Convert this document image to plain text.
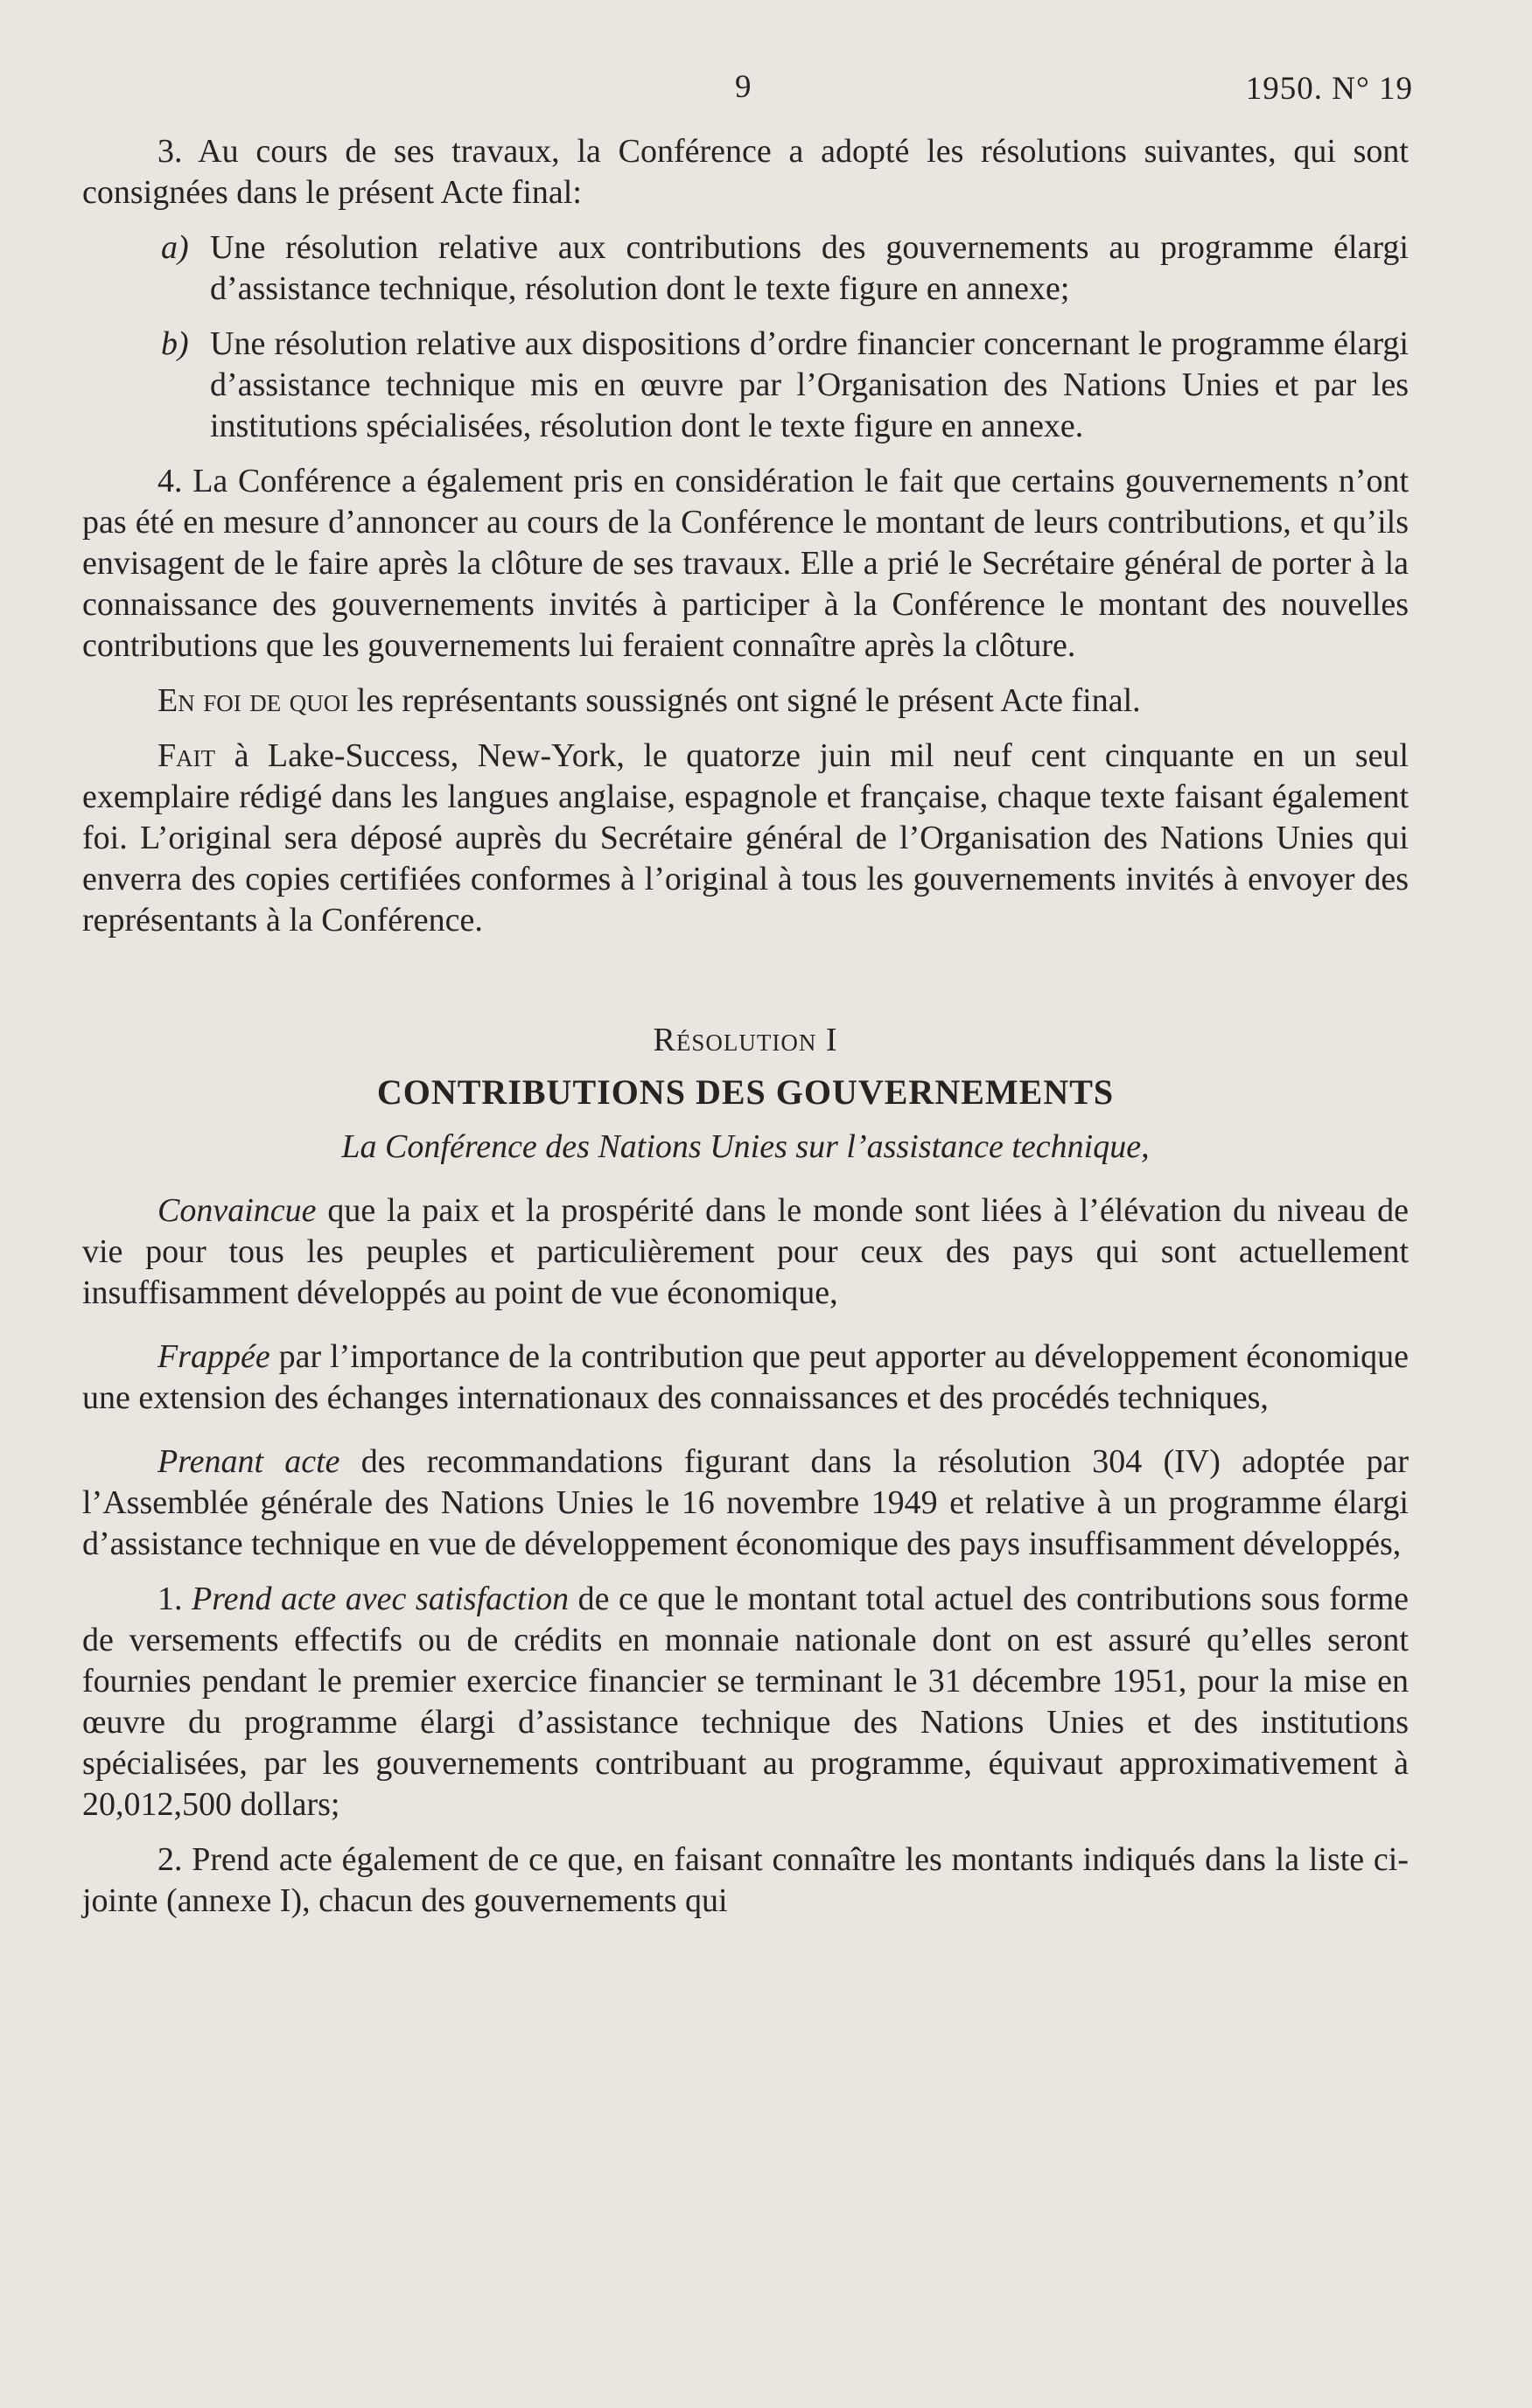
9	1950. N° 19

3. Au cours de ses travaux, la Conférence a adopté les résolutions suivantes, qui sont consignées dans le présent Acte final:

a) Une résolution relative aux contributions des gouvernements au programme élargi d’assistance technique, résolution dont le texte figure en annexe;
b) Une résolution relative aux dispositions d’ordre financier concernant le programme élargi d’assistance technique mis en œuvre par l’Organisation des Nations Unies et par les institutions spécialisées, résolution dont le texte figure en annexe.

4. La Conférence a également pris en considération le fait que certains gouvernements n’ont pas été en mesure d’annoncer au cours de la Conférence le montant de leurs contributions, et qu’ils envisagent de le faire après la clôture de ses travaux. Elle a prié le Secrétaire général de porter à la connaissance des gouvernements invités à participer à la Conférence le montant des nouvelles contributions que les gouvernements lui feraient connaître après la clôture.

En foi de quoi les représentants soussignés ont signé le présent Acte final.

Fait à Lake-Success, New-York, le quatorze juin mil neuf cent cinquante en un seul exemplaire rédigé dans les langues anglaise, espagnole et française, chaque texte faisant également foi. L’original sera déposé auprès du Secrétaire général de l’Organisation des Nations Unies qui enverra des copies certifiées conformes à l’original à tous les gouvernements invités à envoyer des représentants à la Conférence.

Résolution I

CONTRIBUTIONS DES GOUVERNEMENTS

La Conférence des Nations Unies sur l’assistance technique,

Convaincue que la paix et la prospérité dans le monde sont liées à l’élévation du niveau de vie pour tous les peuples et particulièrement pour ceux des pays qui sont actuellement insuffisamment développés au point de vue économique,

Frappée par l’importance de la contribution que peut apporter au développement économique une extension des échanges internationaux des connaissances et des procédés techniques,

Prenant acte des recommandations figurant dans la résolution 304 (IV) adoptée par l’Assemblée générale des Nations Unies le 16 novembre 1949 et relative à un programme élargi d’assistance technique en vue de développement économique des pays insuffisamment développés,

1. Prend acte avec satisfaction de ce que le montant total actuel des contributions sous forme de versements effectifs ou de crédits en monnaie nationale dont on est assuré qu’elles seront fournies pendant le premier exercice financier se terminant le 31 décembre 1951, pour la mise en œuvre du programme élargi d’assistance technique des Nations Unies et des institutions spécialisées, par les gouvernements contribuant au programme, équivaut approximativement à 20,012,500 dollars;

2. Prend acte également de ce que, en faisant connaître les montants indiqués dans la liste ci-jointe (annexe I), chacun des gouvernements qui
